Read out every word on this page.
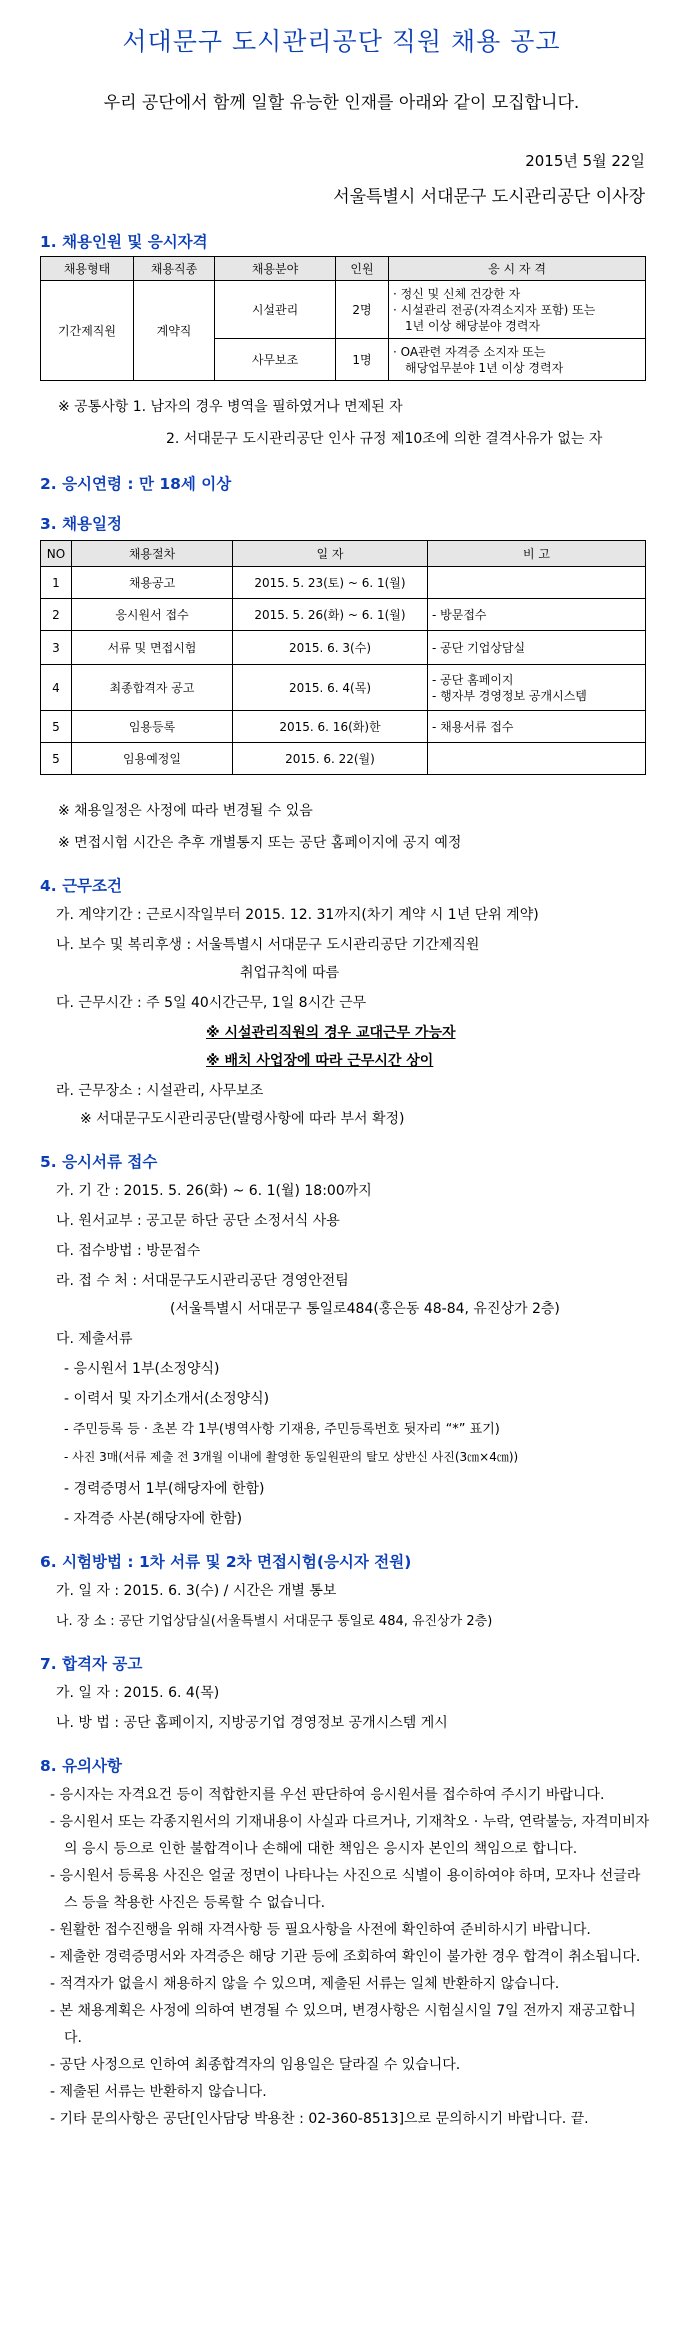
서대문구 도시관리공단 직원 채용 공고
우리 공단에서 함께 일할 유능한 인재를 아래와 같이 모집합니다.
2015년 5월 22일
서울특별시 서대문구 도시관리공단 이사장
1. 채용인원 및 응시자격
채용형태	채용직종	채용분야	인원	응 시 자 격
기간제직원	계약직	시설관리	2명	· 정신 및 신체 건강한 자
· 시설관리 전공(자격소지자 포함) 또는
1년 이상 해당분야 경력자

		사무보조	1명	· OA관련 자격증 소지자 또는
해당업무분야 1년 이상 경력자
※ 공통사항 1. 남자의 경우 병역을 필하였거나 면제된 자
2. 서대문구 도시관리공단 인사 규정 제10조에 의한 결격사유가 없는 자
2. 응시연령 : 만 18세 이상
3. 채용일정
NO	채용절차	일 자	비 고
1	채용공고	2015. 5. 23(토) ~ 6. 1(월)	
2	응시원서 접수	2015. 5. 26(화) ~ 6. 1(월)	- 방문접수
3	서류 및 면접시험	2015. 6. 3(수)	- 공단 기업상담실
4	최종합격자 공고	2015. 6. 4(목)	- 공단 홈페이지
- 행자부 경영정보 공개시스템

5	임용등록	2015. 6. 16(화)한	- 채용서류 접수
5	임용예정일	2015. 6. 22(월)	
※ 채용일정은 사정에 따라 변경될 수 있음
※ 면접시험 시간은 추후 개별통지 또는 공단 홈페이지에 공지 예정
4. 근무조건
가. 계약기간 : 근로시작일부터 2015. 12. 31까지(차기 계약 시 1년 단위 계약)
나. 보수 및 복리후생 : 서울특별시 서대문구 도시관리공단 기간제직원
취업규칙에 따름
다. 근무시간 : 주 5일 40시간근무, 1일 8시간 근무
※ 시설관리직원의 경우 교대근무 가능자
※ 배치 사업장에 따라 근무시간 상이
라. 근무장소 : 시설관리, 사무보조
※ 서대문구도시관리공단(발령사항에 따라 부서 확정)
5. 응시서류 접수
가. 기 간 : 2015. 5. 26(화) ~ 6. 1(월) 18:00까지
나. 원서교부 : 공고문 하단 공단 소정서식 사용
다. 접수방법 : 방문접수
라. 접 수 처 : 서대문구도시관리공단 경영안전팀
(서울특별시 서대문구 통일로484(홍은동 48-84, 유진상가 2층)
다. 제출서류
- 응시원서 1부(소정양식)
- 이력서 및 자기소개서(소정양식)
- 주민등록 등 · 초본 각 1부(병역사항 기재용, 주민등록번호 뒷자리 “*” 표기)
- 사진 3매(서류 제출 전 3개월 이내에 촬영한 동일원판의 탈모 상반신 사진(3㎝×4㎝))
- 경력증명서 1부(해당자에 한함)
- 자격증 사본(해당자에 한함)
6. 시험방법 : 1차 서류 및 2차 면접시험(응시자 전원)
가. 일 자 : 2015. 6. 3(수) / 시간은 개별 통보
나. 장 소 : 공단 기업상담실(서울특별시 서대문구 통일로 484, 유진상가 2층)
7. 합격자 공고
가. 일 자 : 2015. 6. 4(목)
나. 방 법 : 공단 홈페이지, 지방공기업 경영정보 공개시스템 게시
8. 유의사항
- 응시자는 자격요건 등이 적합한지를 우선 판단하여 응시원서를 접수하여 주시기 바랍니다.
- 응시원서 또는 각종지원서의 기재내용이 사실과 다르거나, 기재착오 · 누락, 연락불능, 자격미비자의 응시 등으로 인한 불합격이나 손해에 대한 책임은 응시자 본인의 책임으로 합니다.
- 응시원서 등록용 사진은 얼굴 정면이 나타나는 사진으로 식별이 용이하여야 하며, 모자나 선글라스 등을 착용한 사진은 등록할 수 없습니다.
- 원활한 접수진행을 위해 자격사항 등 필요사항을 사전에 확인하여 준비하시기 바랍니다.
- 제출한 경력증명서와 자격증은 해당 기관 등에 조회하여 확인이 불가한 경우 합격이 취소됩니다.
- 적격자가 없을시 채용하지 않을 수 있으며, 제출된 서류는 일체 반환하지 않습니다.
- 본 채용계획은 사정에 의하여 변경될 수 있으며, 변경사항은 시험실시일 7일 전까지 재공고합니다.
- 공단 사정으로 인하여 최종합격자의 임용일은 달라질 수 있습니다.
- 제출된 서류는 반환하지 않습니다.
- 기타 문의사항은 공단[인사담당 박용찬 : 02-360-8513]으로 문의하시기 바랍니다. 끝.
